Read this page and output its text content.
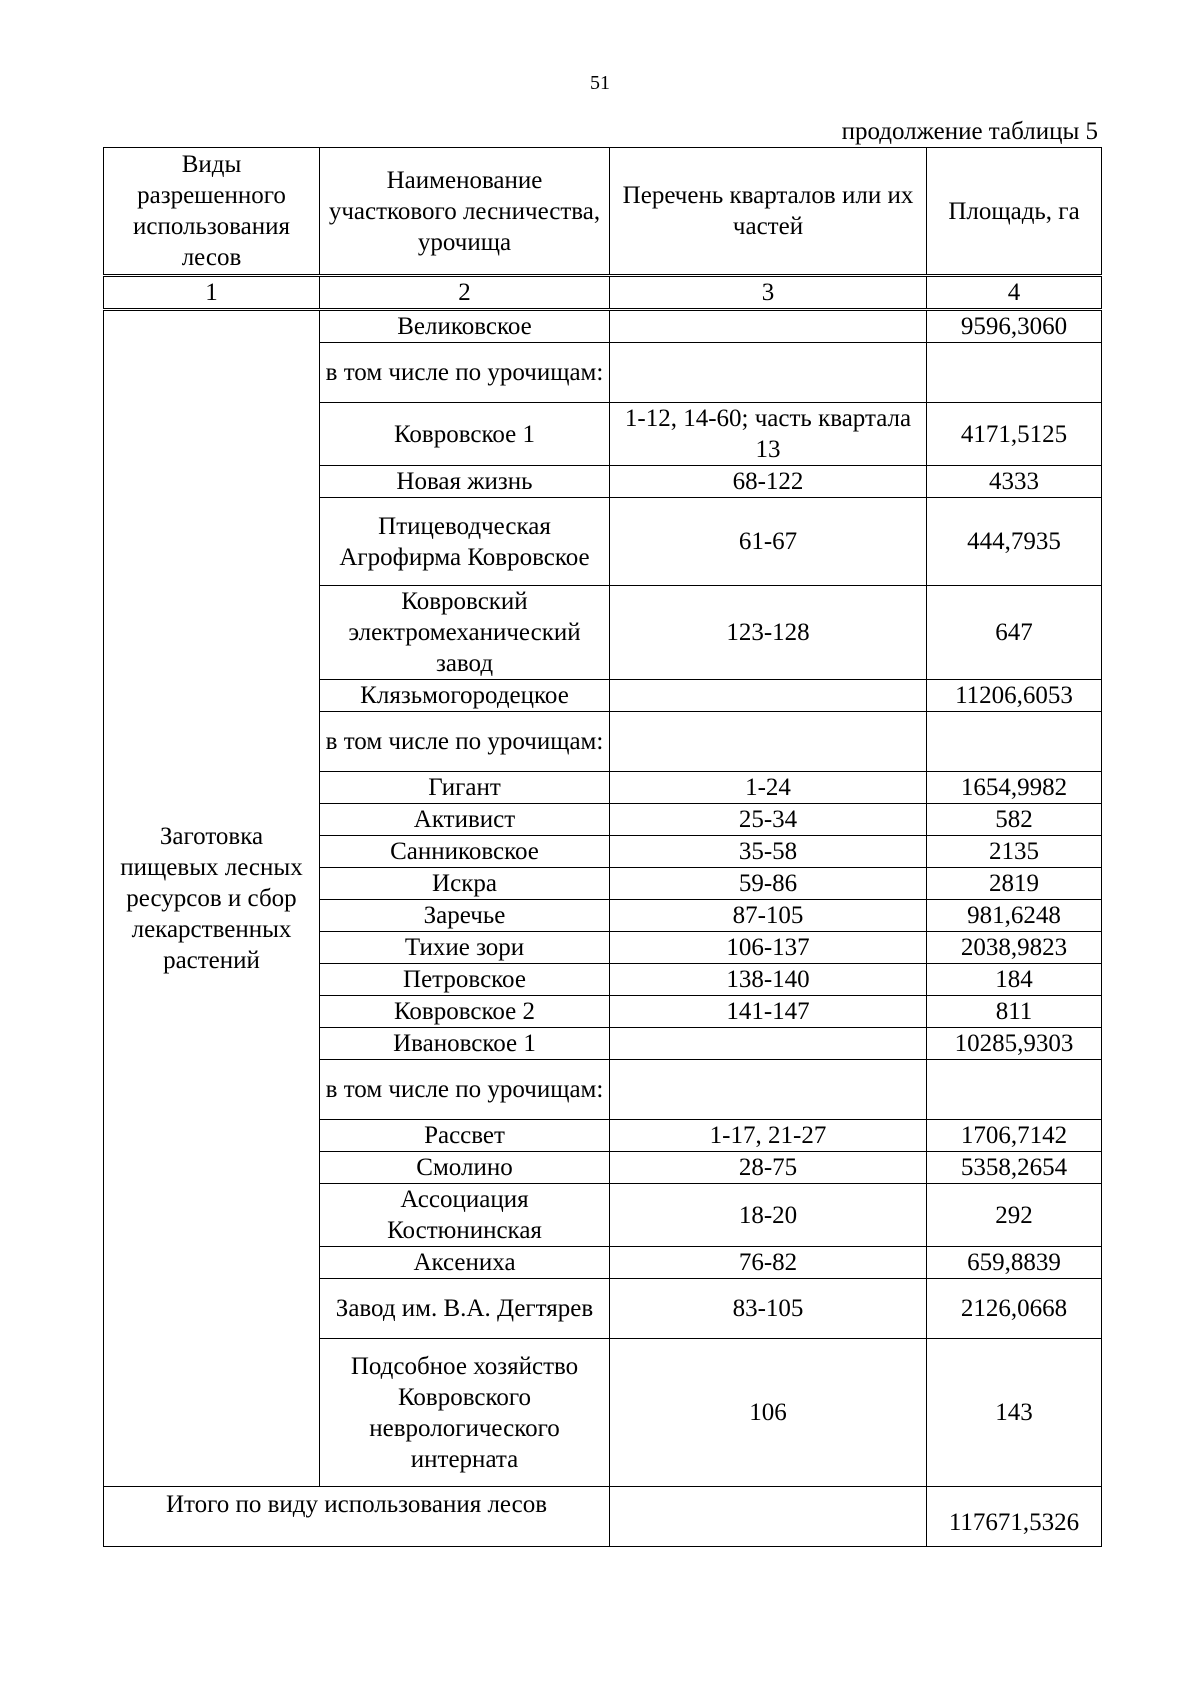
51
продолжение таблицы 5
Виды разрешенного использования лесов	Наименование участкового лесничества, урочища	Перечень кварталов или их частей	Площадь, га
1	2	3	4
Заготовка пищевых лесных ресурсов и сбор лекарственных растений	Великовское		9596,3060
	в том числе по урочищам:		
	Ковровское 1	1-12, 14-60; часть квартала 13	4171,5125
	Новая жизнь	68-122	4333
	Птицеводческая Агрофирма Ковровское	61-67	444,7935
	Ковровский электромеханический завод	123-128	647
	Клязьмогородецкое		11206,6053
	в том числе по урочищам:		
	Гигант	1-24	1654,9982
	Активист	25-34	582
	Санниковское	35-58	2135
	Искра	59-86	2819
	Заречье	87-105	981,6248
	Тихие зори	106-137	2038,9823
	Петровское	138-140	184
	Ковровское 2	141-147	811
	Ивановское 1		10285,9303
	в том числе по урочищам:		
	Рассвет	1-17, 21-27	1706,7142
	Смолино	28-75	5358,2654
	Ассоциация Костюнинская	18-20	292
	Аксениха	76-82	659,8839
	Завод им. В.А. Дегтярев	83-105	2126,0668
	Подсобное хозяйство Ковровского неврологического интерната	106	143
Итого по виду использования лесов			117671,5326
